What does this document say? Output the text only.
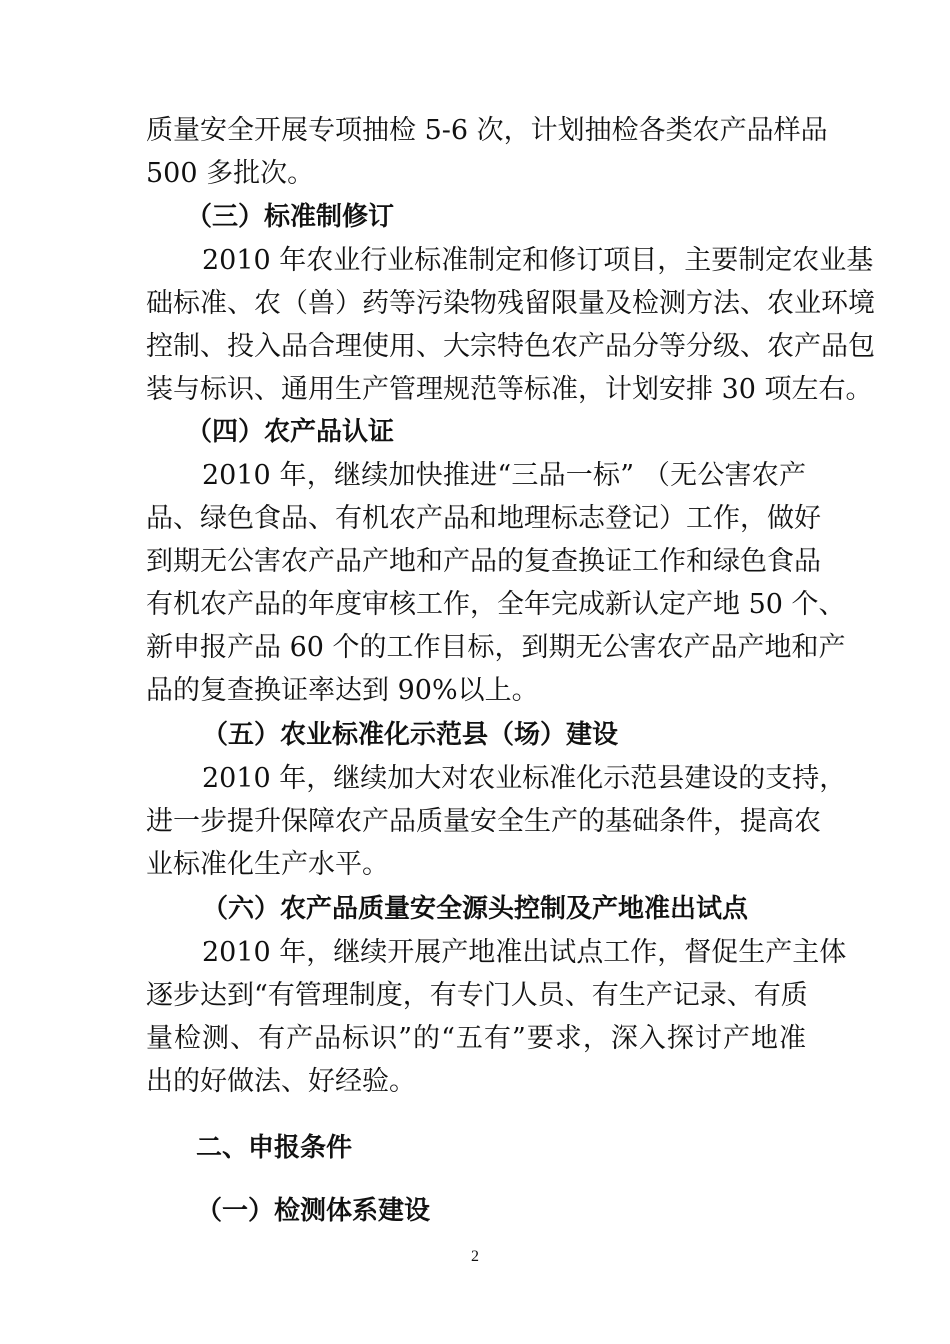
质量安全开展专项抽检 5-6 次，计划抽检各类农产品样品
500 多批次。
（三）标准制修订
2010 年农业行业标准制定和修订项目，主要制定农业基
础标准、农（兽）药等污染物残留限量及检测方法、农业环境
控制、投入品合理使用、大宗特色农产品分等分级、农产品包
装与标识、通用生产管理规范等标准，计划安排 30 项左右。
（四）农产品认证
2010 年，继续加快推进“三品一标” （无公害农产
品、绿色食品、有机农产品和地理标志登记）工作，做好
到期无公害农产品产地和产品的复查换证工作和绿色食品
有机农产品的年度审核工作，全年完成新认定产地 50 个、
新申报产品 60 个的工作目标，到期无公害农产品产地和产
品的复查换证率达到 90%以上。
（五）农业标准化示范县（场）建设
2010 年，继续加大对农业标准化示范县建设的支持，
进一步提升保障农产品质量安全生产的基础条件，提高农
业标准化生产水平。
（六）农产品质量安全源头控制及产地准出试点
2010 年，继续开展产地准出试点工作，督促生产主体
逐步达到“有管理制度，有专门人员、有生产记录、有质
量检测、有产品标识”的“五有”要求，深入探讨产地准
出的好做法、好经验。
二、申报条件
（一）检测体系建设
2
